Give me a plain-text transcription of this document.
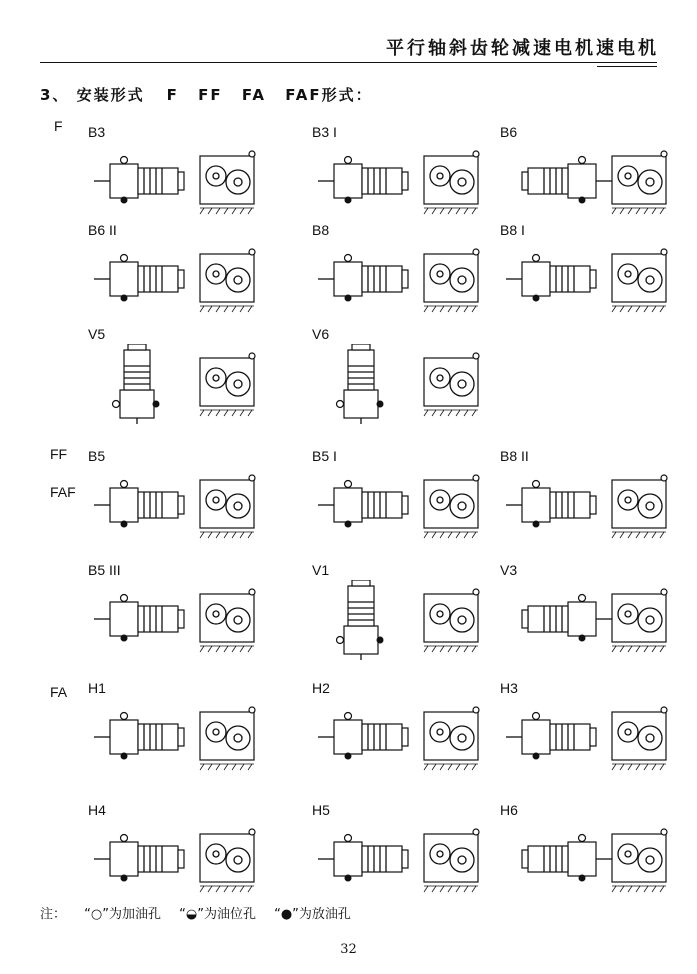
平行轴斜齿轮减速电机速电机
3、 安装形式 F FF FA FAF形式：
F
FF
FAF
FA
B3	B3 I	B6
B6 II	B8	B8 I
V5	V6
B5	B5 I	B8 II
B5 III	V1	V3
H1	H2	H3
H4	H5	H6
注： “○”为加油孔 “◒”为油位孔 “●”为放油孔
32
